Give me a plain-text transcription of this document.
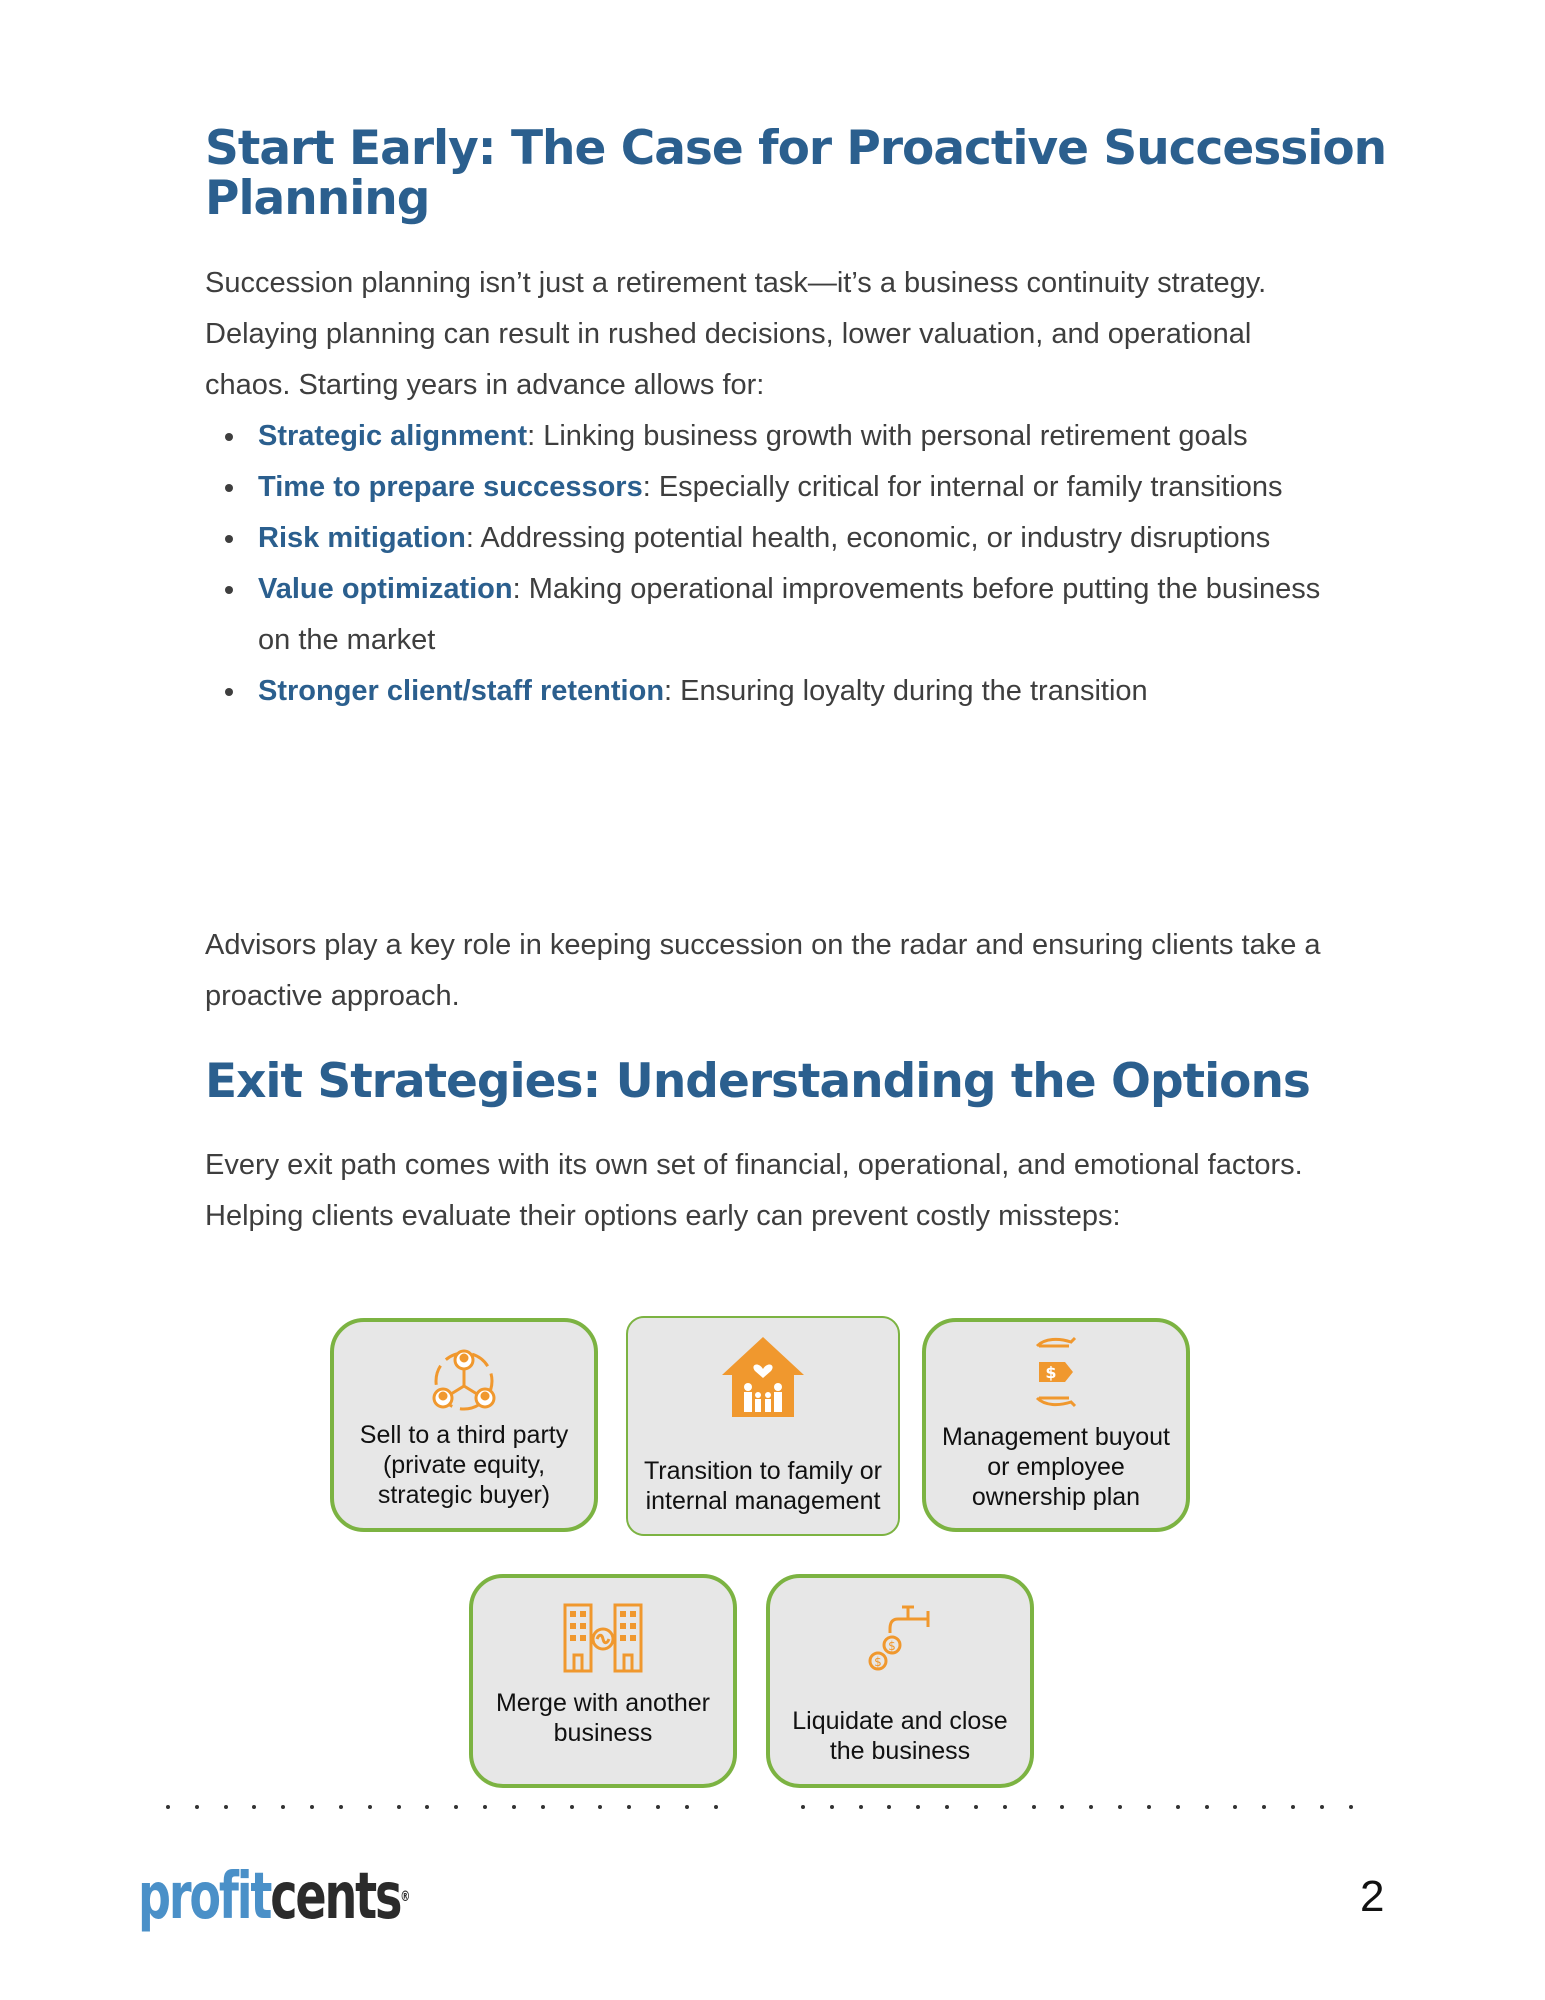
Start Early: The Case for Proactive Succession Planning

Succession planning isn’t just a retirement task—it’s a business continuity strategy. Delaying planning can result in rushed decisions, lower valuation, and operational chaos. Starting years in advance allows for:

Strategic alignment: Linking business growth with personal retirement goals
Time to prepare successors: Especially critical for internal or family transitions
Risk mitigation: Addressing potential health, economic, or industry disruptions
Value optimization: Making operational improvements before putting the business on the market
Stronger client/staff retention: Ensuring loyalty during the transition

Advisors play a key role in keeping succession on the radar and ensuring clients take a proactive approach.

Exit Strategies: Understanding the Options

Every exit path comes with its own set of financial, operational, and emotional factors. Helping clients evaluate their options early can prevent costly missteps:

Sell to a third party (private equity, strategic buyer)
Transition to family or internal management
$
Management buyout or employee ownership plan
Merge with another business
$
$
Liquidate and close the business
profitcents®	2
